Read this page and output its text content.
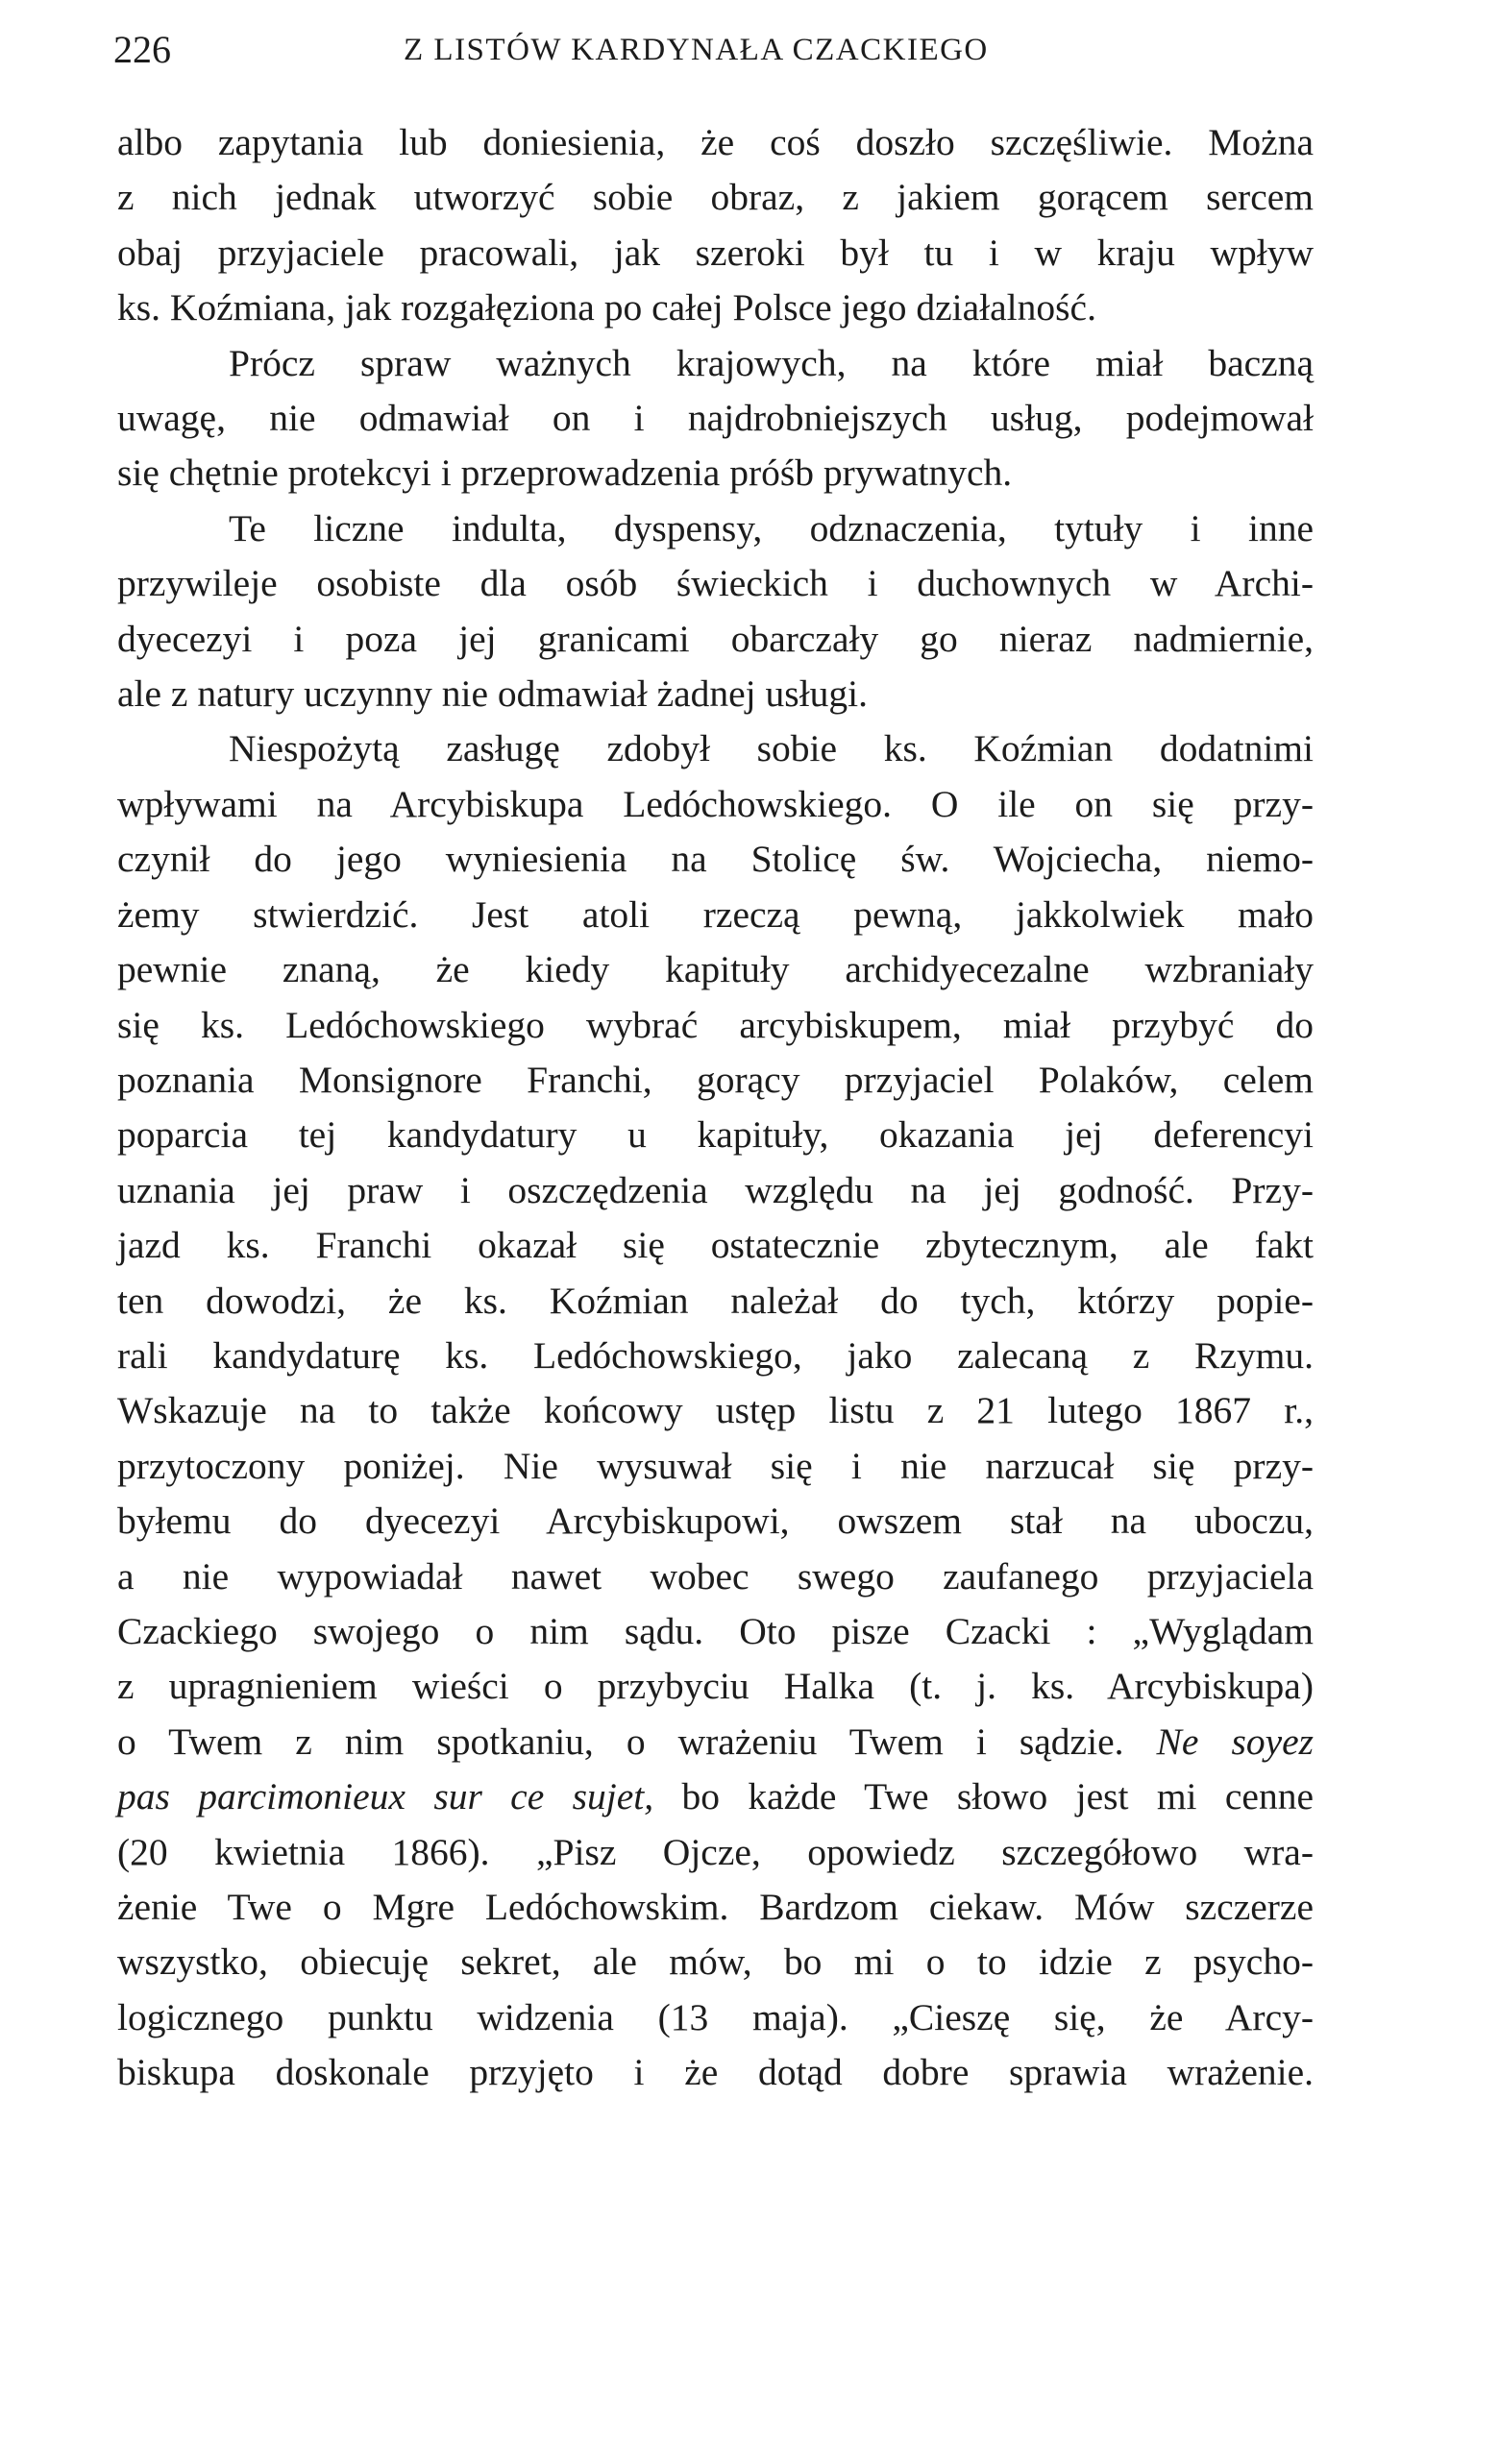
226	Z LISTÓW KARDYNAŁA CZACKIEGO

albo zapytania lub doniesienia, że coś doszło szczęśliwie. Można
z nich jednak utworzyć sobie obraz, z jakiem gorącem sercem
obaj przyjaciele pracowali, jak szeroki był tu i w kraju wpływ
ks. Koźmiana, jak rozgałęziona po całej Polsce jego działalność.

Prócz spraw ważnych krajowych, na które miał baczną
uwagę, nie odmawiał on i najdrobniejszych usług, podejmował
się chętnie protekcyi i przeprowadzenia próśb prywatnych.

Te liczne indulta, dyspensy, odznaczenia, tytuły i inne
przywileje osobiste dla osób świeckich i duchownych w Archi-
dyecezyi i poza jej granicami obarczały go nieraz nadmiernie,
ale z natury uczynny nie odmawiał żadnej usługi.

Niespożytą zasługę zdobył sobie ks. Koźmian dodatnimi
wpływami na Arcybiskupa Ledóchowskiego. O ile on się przy-
czynił do jego wyniesienia na Stolicę św. Wojciecha, niemo-
żemy stwierdzić. Jest atoli rzeczą pewną, jakkolwiek mało
pewnie znaną, że kiedy kapituły archidyecezalne wzbraniały
się ks. Ledóchowskiego wybrać arcybiskupem, miał przybyć do
poznania Monsignore Franchi, gorący przyjaciel Polaków, celem
poparcia tej kandydatury u kapituły, okazania jej deferencyi
uznania jej praw i oszczędzenia względu na jej godność. Przy-
jazd ks. Franchi okazał się ostatecznie zbytecznym, ale fakt
ten dowodzi, że ks. Koźmian należał do tych, którzy popie-
rali kandydaturę ks. Ledóchowskiego, jako zalecaną z Rzymu.
Wskazuje na to także końcowy ustęp listu z 21 lutego 1867 r.,
przytoczony poniżej. Nie wysuwał się i nie narzucał się przy-
byłemu do dyecezyi Arcybiskupowi, owszem stał na uboczu,
a nie wypowiadał nawet wobec swego zaufanego przyjaciela
Czackiego swojego o nim sądu. Oto pisze Czacki : „Wyglądam
z upragnieniem wieści o przybyciu Halka (t. j. ks. Arcybiskupa)
o Twem z nim spotkaniu, o wrażeniu Twem i sądzie. Ne soyez
pas parcimonieux sur ce sujet, bo każde Twe słowo jest mi cenne
(20 kwietnia 1866). „Pisz Ojcze, opowiedz szczegółowo wra-
żenie Twe o Mgre Ledóchowskim. Bardzom ciekaw. Mów szczerze
wszystko, obiecuję sekret, ale mów, bo mi o to idzie z psycho-
logicznego punktu widzenia (13 maja). „Cieszę się, że Arcy-
biskupa doskonale przyjęto i że dotąd dobre sprawia wrażenie.
